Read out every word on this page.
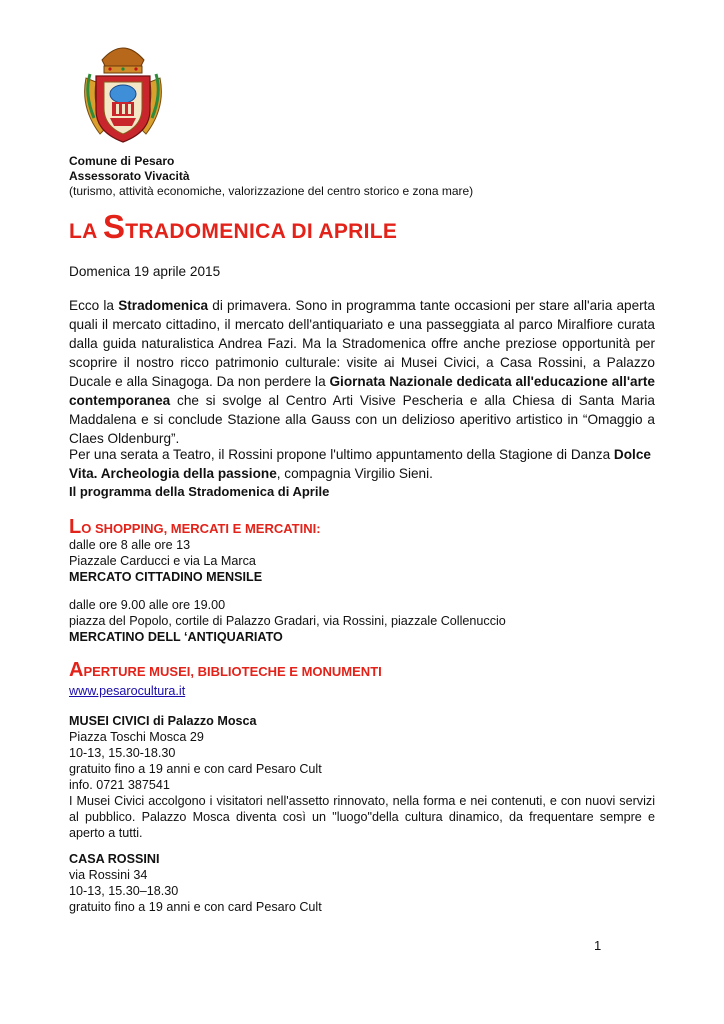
Comune di Pesaro
Assessorato Vivacità
(turismo, attività economiche, valorizzazione del centro storico e zona mare)
LA STRADOMENICA DI APRILE
Domenica 19 aprile 2015
Ecco la Stradomenica di primavera. Sono in programma tante occasioni per stare all'aria aperta quali il mercato cittadino, il mercato dell'antiquariato e una passeggiata al parco Miralfiore curata dalla guida naturalistica Andrea Fazi. Ma la Stradomenica offre anche preziose opportunità per scoprire il nostro ricco patrimonio culturale: visite ai Musei Civici, a Casa Rossini, a Palazzo Ducale e alla Sinagoga. Da non perdere la Giornata Nazionale dedicata all'educazione all'arte contemporanea che si svolge al Centro Arti Visive Pescheria e alla Chiesa di Santa Maria Maddalena e si conclude Stazione alla Gauss con un delizioso aperitivo artistico in “Omaggio a Claes Oldenburg”.
Per una serata a Teatro, il Rossini propone l'ultimo appuntamento della Stagione di Danza Dolce Vita. Archeologia della passione, compagnia Virgilio Sieni.
Il programma della Stradomenica di Aprile
LO SHOPPING, MERCATI E MERCATINI:
dalle ore 8 alle ore 13
Piazzale Carducci e via La Marca
MERCATO CITTADINO MENSILE
dalle ore 9.00 alle ore 19.00
piazza del Popolo, cortile di Palazzo Gradari, via Rossini, piazzale Collenuccio
MERCATINO DELL ‘ANTIQUARIATO
APERTURE MUSEI, BIBLIOTECHE E MONUMENTI
www.pesarocultura.it
MUSEI CIVICI di Palazzo Mosca
Piazza Toschi Mosca 29
10-13, 15.30-18.30
gratuito fino a 19 anni e con card Pesaro Cult
info. 0721 387541
I Musei Civici accolgono i visitatori nell'assetto rinnovato, nella forma e nei contenuti, e con nuovi servizi al pubblico. Palazzo Mosca diventa così un "luogo"della cultura dinamico, da frequentare sempre e aperto a tutti.
CASA ROSSINI
via Rossini 34
10-13, 15.30–18.30
gratuito fino a 19 anni e con card Pesaro Cult
1
